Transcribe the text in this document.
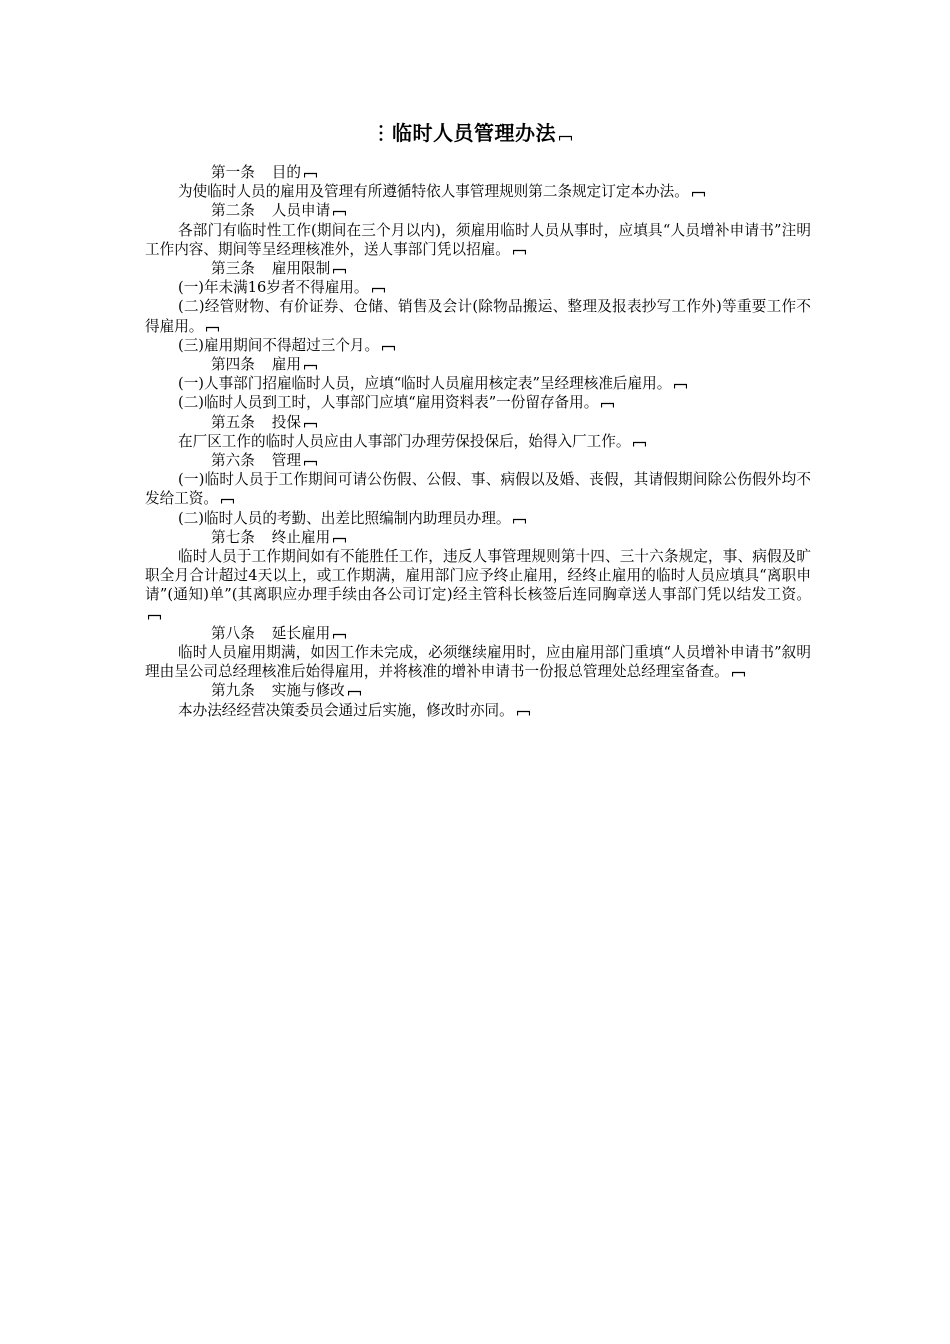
临时人员管理办法

第一条 目的

为使临时人员的雇用及管理有所遵循特依人事管理规则第二条规定订定本办法。

第二条 人员申请

各部门有临时性工作(期间在三个月以内)，须雇用临时人员从事时，应填具“人员增补申请书”注明工作内容、期间等呈经理核准外，送人事部门凭以招雇。

第三条 雇用限制

(一)年未满16岁者不得雇用。

(二)经管财物、有价证券、仓储、销售及会计(除物品搬运、整理及报表抄写工作外)等重要工作不得雇用。

(三)雇用期间不得超过三个月。

第四条 雇用

(一)人事部门招雇临时人员，应填“临时人员雇用核定表”呈经理核准后雇用。

(二)临时人员到工时，人事部门应填“雇用资料表”一份留存备用。

第五条 投保

在厂区工作的临时人员应由人事部门办理劳保投保后，始得入厂工作。

第六条 管理

(一)临时人员于工作期间可请公伤假、公假、事、病假以及婚、丧假，其请假期间除公伤假外均不发给工资。

(二)临时人员的考勤、出差比照编制内助理员办理。

第七条 终止雇用

临时人员于工作期间如有不能胜任工作，违反人事管理规则第十四、三十六条规定，事、病假及旷职全月合计超过4天以上，或工作期满，雇用部门应予终止雇用，经终止雇用的临时人员应填具“离职申请”(通知)单”(其离职应办理手续由各公司订定)经主管科长核签后连同胸章送人事部门凭以结发工资。

第八条 延长雇用

临时人员雇用期满，如因工作未完成，必须继续雇用时，应由雇用部门重填“人员增补申请书”叙明理由呈公司总经理核准后始得雇用，并将核准的增补申请书一份报总管理处总经理室备查。

第九条 实施与修改

本办法经经营决策委员会通过后实施，修改时亦同。
